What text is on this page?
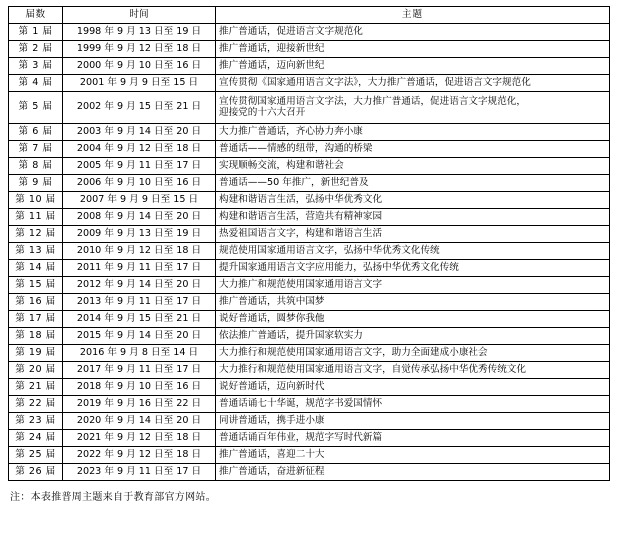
届数	时间	主题
第 1 届	1998 年 9 月 13 日至 19 日	推广普通话，促进语言文字规范化

第 2 届	1999 年 9 月 12 日至 18 日	推广普通话，迎接新世纪

第 3 届	2000 年 9 月 10 日至 16 日	推广普通话，迈向新世纪

第 4 届	2001 年 9 月 9 日至 15 日	宣传贯彻《国家通用语言文字法》，大力推广普通话，促进语言文字规范化

第 5 届	2002 年 9 月 15 日至 21 日	宣传贯彻国家通用语言文字法，大力推广普通话，促进语言文字规范化，
迎接党的十六大召开

第 6 届	2003 年 9 月 14 日至 20 日	大力推广普通话，齐心协力奔小康

第 7 届	2004 年 9 月 12 日至 18 日	普通话——情感的纽带，沟通的桥梁

第 8 届	2005 年 9 月 11 日至 17 日	实现顺畅交流，构建和谐社会

第 9 届	2006 年 9 月 10 日至 16 日	普通话——50 年推广，新世纪普及

第 10 届	2007 年 9 月 9 日至 15 日	构建和谐语言生活，弘扬中华优秀文化

第 11 届	2008 年 9 月 14 日至 20 日	构建和谐语言生活，营造共有精神家园

第 12 届	2009 年 9 月 13 日至 19 日	热爱祖国语言文字，构建和谐语言生活

第 13 届	2010 年 9 月 12 日至 18 日	规范使用国家通用语言文字，弘扬中华优秀文化传统

第 14 届	2011 年 9 月 11 日至 17 日	提升国家通用语言文字应用能力，弘扬中华优秀文化传统

第 15 届	2012 年 9 月 14 日至 20 日	大力推广和规范使用国家通用语言文字

第 16 届	2013 年 9 月 11 日至 17 日	推广普通话，共筑中国梦

第 17 届	2014 年 9 月 15 日至 21 日	说好普通话，圆梦你我他

第 18 届	2015 年 9 月 14 日至 20 日	依法推广普通话，提升国家软实力

第 19 届	2016 年 9 月 8 日至 14 日	大力推行和规范使用国家通用语言文字，助力全面建成小康社会

第 20 届	2017 年 9 月 11 日至 17 日	大力推行和规范使用国家通用语言文字，自觉传承弘扬中华优秀传统文化

第 21 届	2018 年 9 月 10 日至 16 日	说好普通话，迈向新时代

第 22 届	2019 年 9 月 16 日至 22 日	普通话诵七十华诞，规范字书爱国情怀

第 23 届	2020 年 9 月 14 日至 20 日	同讲普通话，携手进小康

第 24 届	2021 年 9 月 12 日至 18 日	普通话诵百年伟业，规范字写时代新篇

第 25 届	2022 年 9 月 12 日至 18 日	推广普通话，喜迎二十大

第 26 届	2023 年 9 月 11 日至 17 日	推广普通话，奋进新征程
注：本表推普周主题来自于教育部官方网站。
